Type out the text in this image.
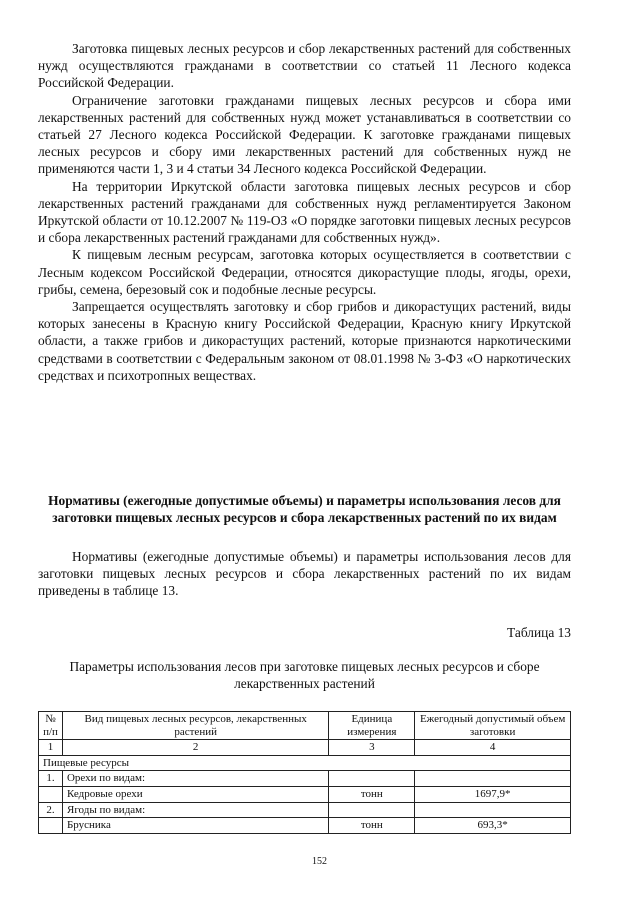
Заготовка пищевых лесных ресурсов и сбор лекарственных растений для собственных нужд осуществляются гражданами в соответствии со статьей 11 Лесного кодекса Российской Федерации.

Ограничение заготовки гражданами пищевых лесных ресурсов и сбора ими лекарственных растений для собственных нужд может устанавливаться в соответствии со статьей 27 Лесного кодекса Российской Федерации. К заготовке гражданами пищевых лесных ресурсов и сбору ими лекарственных растений для собственных нужд не применяются части 1, 3 и 4 статьи 34 Лесного кодекса Российской Федерации.

На территории Иркутской области заготовка пищевых лесных ресурсов и сбор лекарственных растений гражданами для собственных нужд регламентируется Законом Иркутской области от 10.12.2007 № 119-ОЗ «О порядке заготовки пищевых лесных ресурсов и сбора лекарственных растений гражданами для собственных нужд».

К пищевым лесным ресурсам, заготовка которых осуществляется в соответствии с Лесным кодексом Российской Федерации, относятся дикорастущие плоды, ягоды, орехи, грибы, семена, березовый сок и подобные лесные ресурсы.

Запрещается осуществлять заготовку и сбор грибов и дикорастущих растений, виды которых занесены в Красную книгу Российской Федерации, Красную книгу Иркутской области, а также грибов и дикорастущих растений, которые признаются наркотическими средствами в соответствии с Федеральным законом от 08.01.1998 № 3-ФЗ «О наркотических средствах и психотропных веществах.

Нормативы (ежегодные допустимые объемы) и параметры использования лесов для заготовки пищевых лесных ресурсов и сбора лекарственных растений по их видам

Нормативы (ежегодные допустимые объемы) и параметры использования лесов для заготовки пищевых лесных ресурсов и сбора лекарственных растений по их видам приведены в таблице 13.

Таблица 13

Параметры использования лесов при заготовке пищевых лесных ресурсов и сборе лекарственных растений

№ п/п	Вид пищевых лесных ресурсов, лекарственных растений	Единица измерения	Ежегодный допустимый объем заготовки
1	2	3	4
Пищевые ресурсы			
1.	Орехи по видам:		
	Кедровые орехи	тонн	1697,9*
2.	Ягоды по видам:		
	Брусника	тонн	693,3*
152
